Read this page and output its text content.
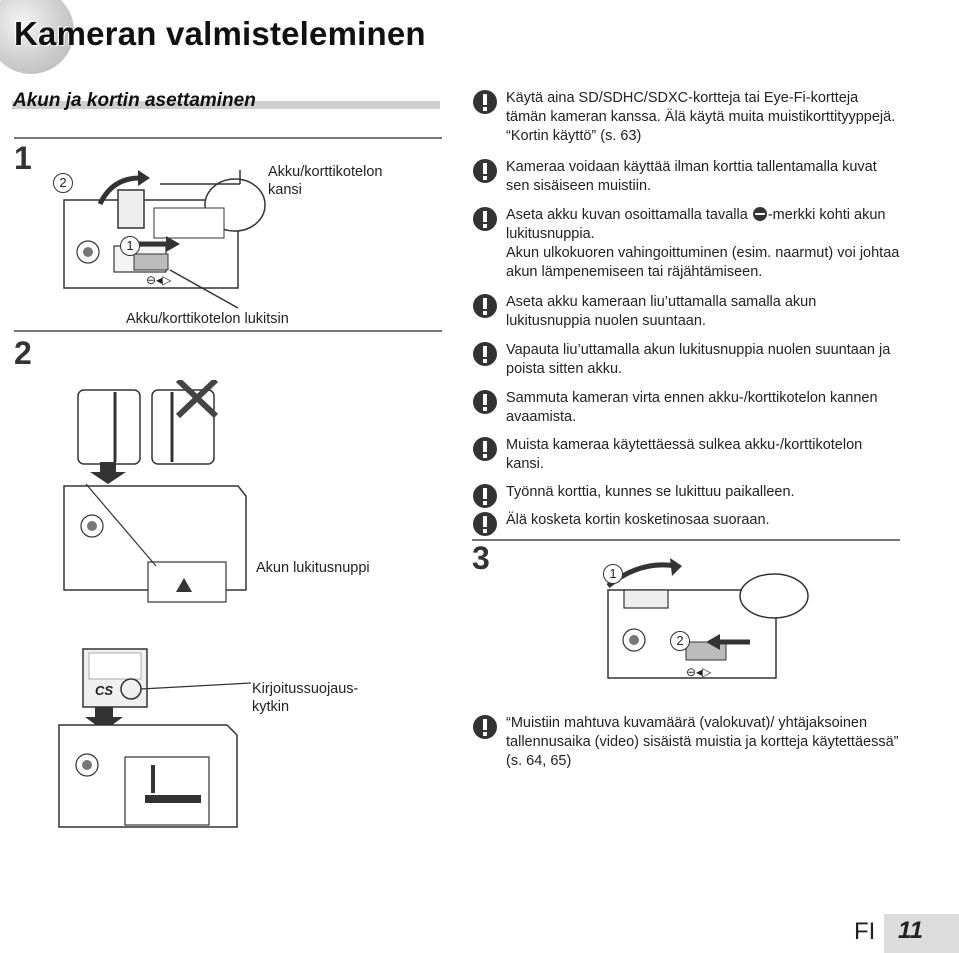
Kameran valmisteleminen
Akun ja kortin asettaminen
1
2
3
Akku/korttikotelon kansi
Akku/korttikotelon lukitsin
Akun lukitusnuppi
Kirjoitussuojaus-kytkin
⊖◂▷
2
1
CS
⊖◂▷
1
2
Käytä aina SD/SDHC/SDXC-kortteja tai Eye-Fi-kortteja tämän kameran kanssa. Älä käytä muita muistikorttityyppejä. “Kortin käyttö” (s. 63)
Kameraa voidaan käyttää ilman korttia tallentamalla kuvat sen sisäiseen muistiin.
Aseta akku kuvan osoittamalla tavalla -merkki kohti akun lukitusnuppia.
Akun ulkokuoren vahingoittuminen (esim. naarmut) voi johtaa akun lämpenemiseen tai räjähtämiseen.
Aseta akku kameraan liu’uttamalla samalla akun lukitusnuppia nuolen suuntaan.
Vapauta liu’uttamalla akun lukitusnuppia nuolen suuntaan ja poista sitten akku.
Sammuta kameran virta ennen akku-/korttikotelon kannen avaamista.
Muista kameraa käytettäessä sulkea akku-/korttikotelon kansi.
Työnnä korttia, kunnes se lukittuu paikalleen.
Älä kosketa kortin kosketinosaa suoraan.
“Muistiin mahtuva kuvamäärä (valokuvat)/ yhtäjaksoinen tallennusaika (video) sisäistä muistia ja kortteja käytettäessä” (s. 64, 65)
FI 11
